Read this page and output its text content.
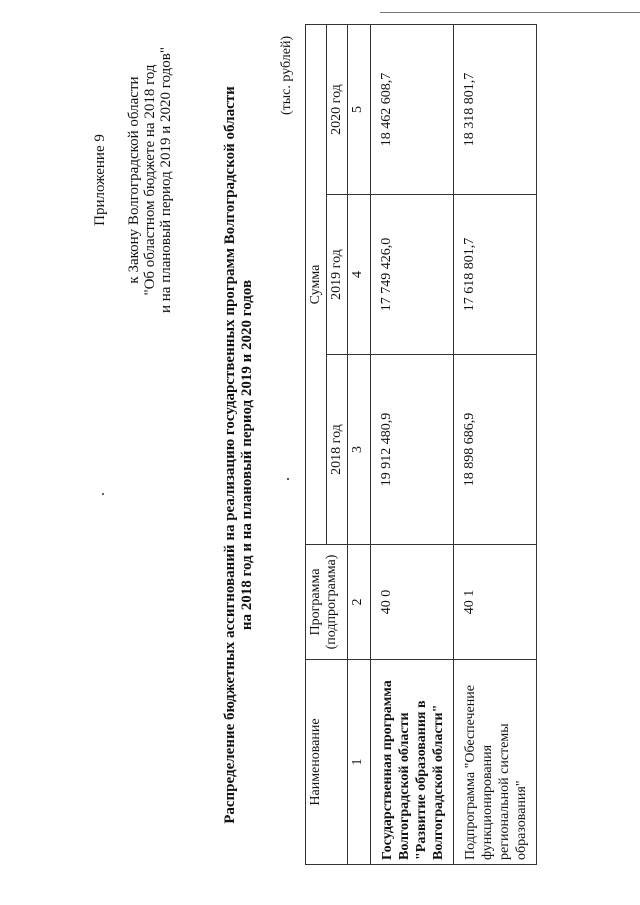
Приложение 9 к Закону Волгоградской области "Об областном бюджете на 2018 год и на плановый период 2019 и 2020 годов"	Распределение бюджетных ассигнований на реализацию государственных программ Волгоградской области на 2018 год и на плановый период 2019 и 2020 годов
(тыс. рублей)
Наименование	Программа (подпрограмма)	Сумма		
		2018 год	2019 год	2020 год
1	2	3	4	5
Государственная программа Волгоградской области "Развитие образования в Волгоградской области"	40 0	19 912 480,9	17 749 426,0	18 462 608,7
Подпрограмма "Обеспечение функционирования региональной системы образования"	40 1	18 898 686,9	17 618 801,7	18 318 801,7
